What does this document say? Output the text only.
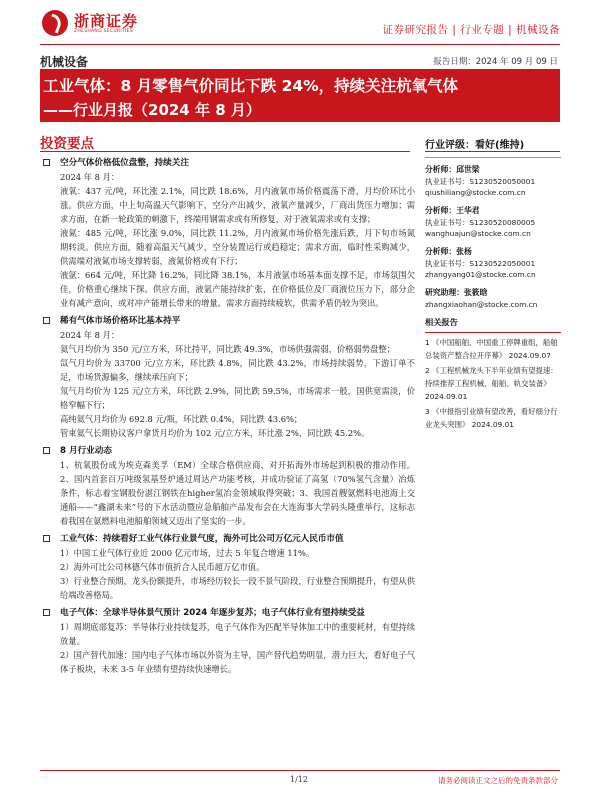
浙商证券
ZHESHANG SECURITIES	证券研究报告 | 行业专题 | 机械设备
机械设备	报告日期：2024 年 09 月 09 日
工业气体：8 月零售气价同比下跌 24%，持续关注杭氧气体
——行业月报（2024 年 8 月）
投资要点
空分气体价格低位盘整，持续关注
2024 年 8 月：
液氧：437 元/吨，环比涨 2.1%，同比跌 18.6%，月内液氧市场价格震荡下滑，月均价环比小涨。供应方面，中上旬高温天气影响下，空分产出减少，液氧产量减少，厂商出货压力增加；需求方面，在新一轮政策的刺激下，终端用钢需求或有所修复，对于液氧需求或有支撑；
液氮：485 元/吨，环比涨 9.0%，同比跌 11.2%，月内液氮市场价格先涨后跌，月下旬市场氮期转淡。供应方面，随着高温天气减少，空分装置运行或趋稳定；需求方面，临时性采购减少，供需端对液氮市场支撑转弱，液氮价格或有下行；
液氩：664 元/吨，环比降 16.2%，同比降 38.1%，本月液氩市场基本面支撑不足，市场氛围欠佳，价格重心继续下探。供应方面，液氩产能持续扩张，在价格低位及厂商液位压力下，部分企业有减产意向，或对冲产能增长带来的增量。需求方面持续疲软，供需矛盾仍较为突出。
稀有气体市场价格环比基本持平
2024 年 8 月：
氦气月均价为 350 元/立方米，环比持平，同比跌 49.3%，市场供强需弱，价格弱势盘整；
氙气月均价为 33700 元/立方米，环比跌 4.8%，同比跌 43.2%，市场持续弱势，下游订单不足，市场货源偏多，继续承压向下；
氖气月均价为 125 元/立方米，环比跌 2.9%，同比跌 59.5%，市场需求一般，国供宽需淡，价格窄幅下行；
高纯氦气月均价为 692.8 元/瓶，环比跌 0.4%，同比跌 43.6%；
管束氦气长期协议客户拿货月均价为 102 元/立方米，环比涨 2%，同比跌 45.2%。
8 月行业动态
1、杭氧股份成为埃克森美孚（EM）全球合格供应商，对开拓海外市场起到积极的推动作用。2、国内首套百万吨级氢基竖炉通过周达产功能考核，并成功验证了高氢（70%氢气含量）冶炼条件，标志着宝钢股份湛江钢铁在higher氢冶金领域取得突破；3、我国首艘氨燃料电池海上交通船——“鑫湖未来”号的下水活动暨应急船舶产品发布会在大连海事大学码头隆重举行，这标志着我国在氨燃料电池船舶领域又迈出了坚实的一步。
工业气体：持续看好工业气体行业景气度，海外可比公司万亿元人民币市值
1）中国工业气体行业近 2000 亿元市场，过去 5 年复合增速 11%。
2）海外可比公司林德气体市值折合人民币超万亿市值。
3）行业整合预期，龙头份额提升，市场经历较长一段不景气阶段，行业整合预期提升，有望从供给端改善格局。
电子气体：全球半导体景气预计 2024 年逐步复苏；电子气体行业有望持续受益
1）周期底部复苏：半导体行业持续复苏，电子气体作为匹配半导体加工中的重要耗材，有望持续放量。
2）国产替代加速：国内电子气体市场以外资为主导，国产替代趋势明显，潜力巨大，看好电子气体子板块，未来 3-5 年业绩有望持续快速增长。
行业评级：看好(维持)
分析师：邱世梁
执业证书号：S1230520050001
qiushiliang@stocke.com.cn
分析师：王华君
执业证书号：S1230520080005
wanghuajun@stocke.com.cn
分析师：张杨
执业证书号：S1230522050001
zhangyang01@stocke.com.cn
研究助理：张筱晗
zhangxiaohan@stocke.com.cn
相关报告
1 《中国船舶、中国重工停牌重组，船舶总装资产整合拉开序幕》 2024.09.07
2 《工程机械龙头下半年业绩有望提速：持续推荐工程机械、船舶、轨交装备》 2024.09.01
3 《中报指引业绩有望改善，看好细分行业龙头突围》 2024.09.01
1/12	请务必阅读正文之后的免责条款部分
